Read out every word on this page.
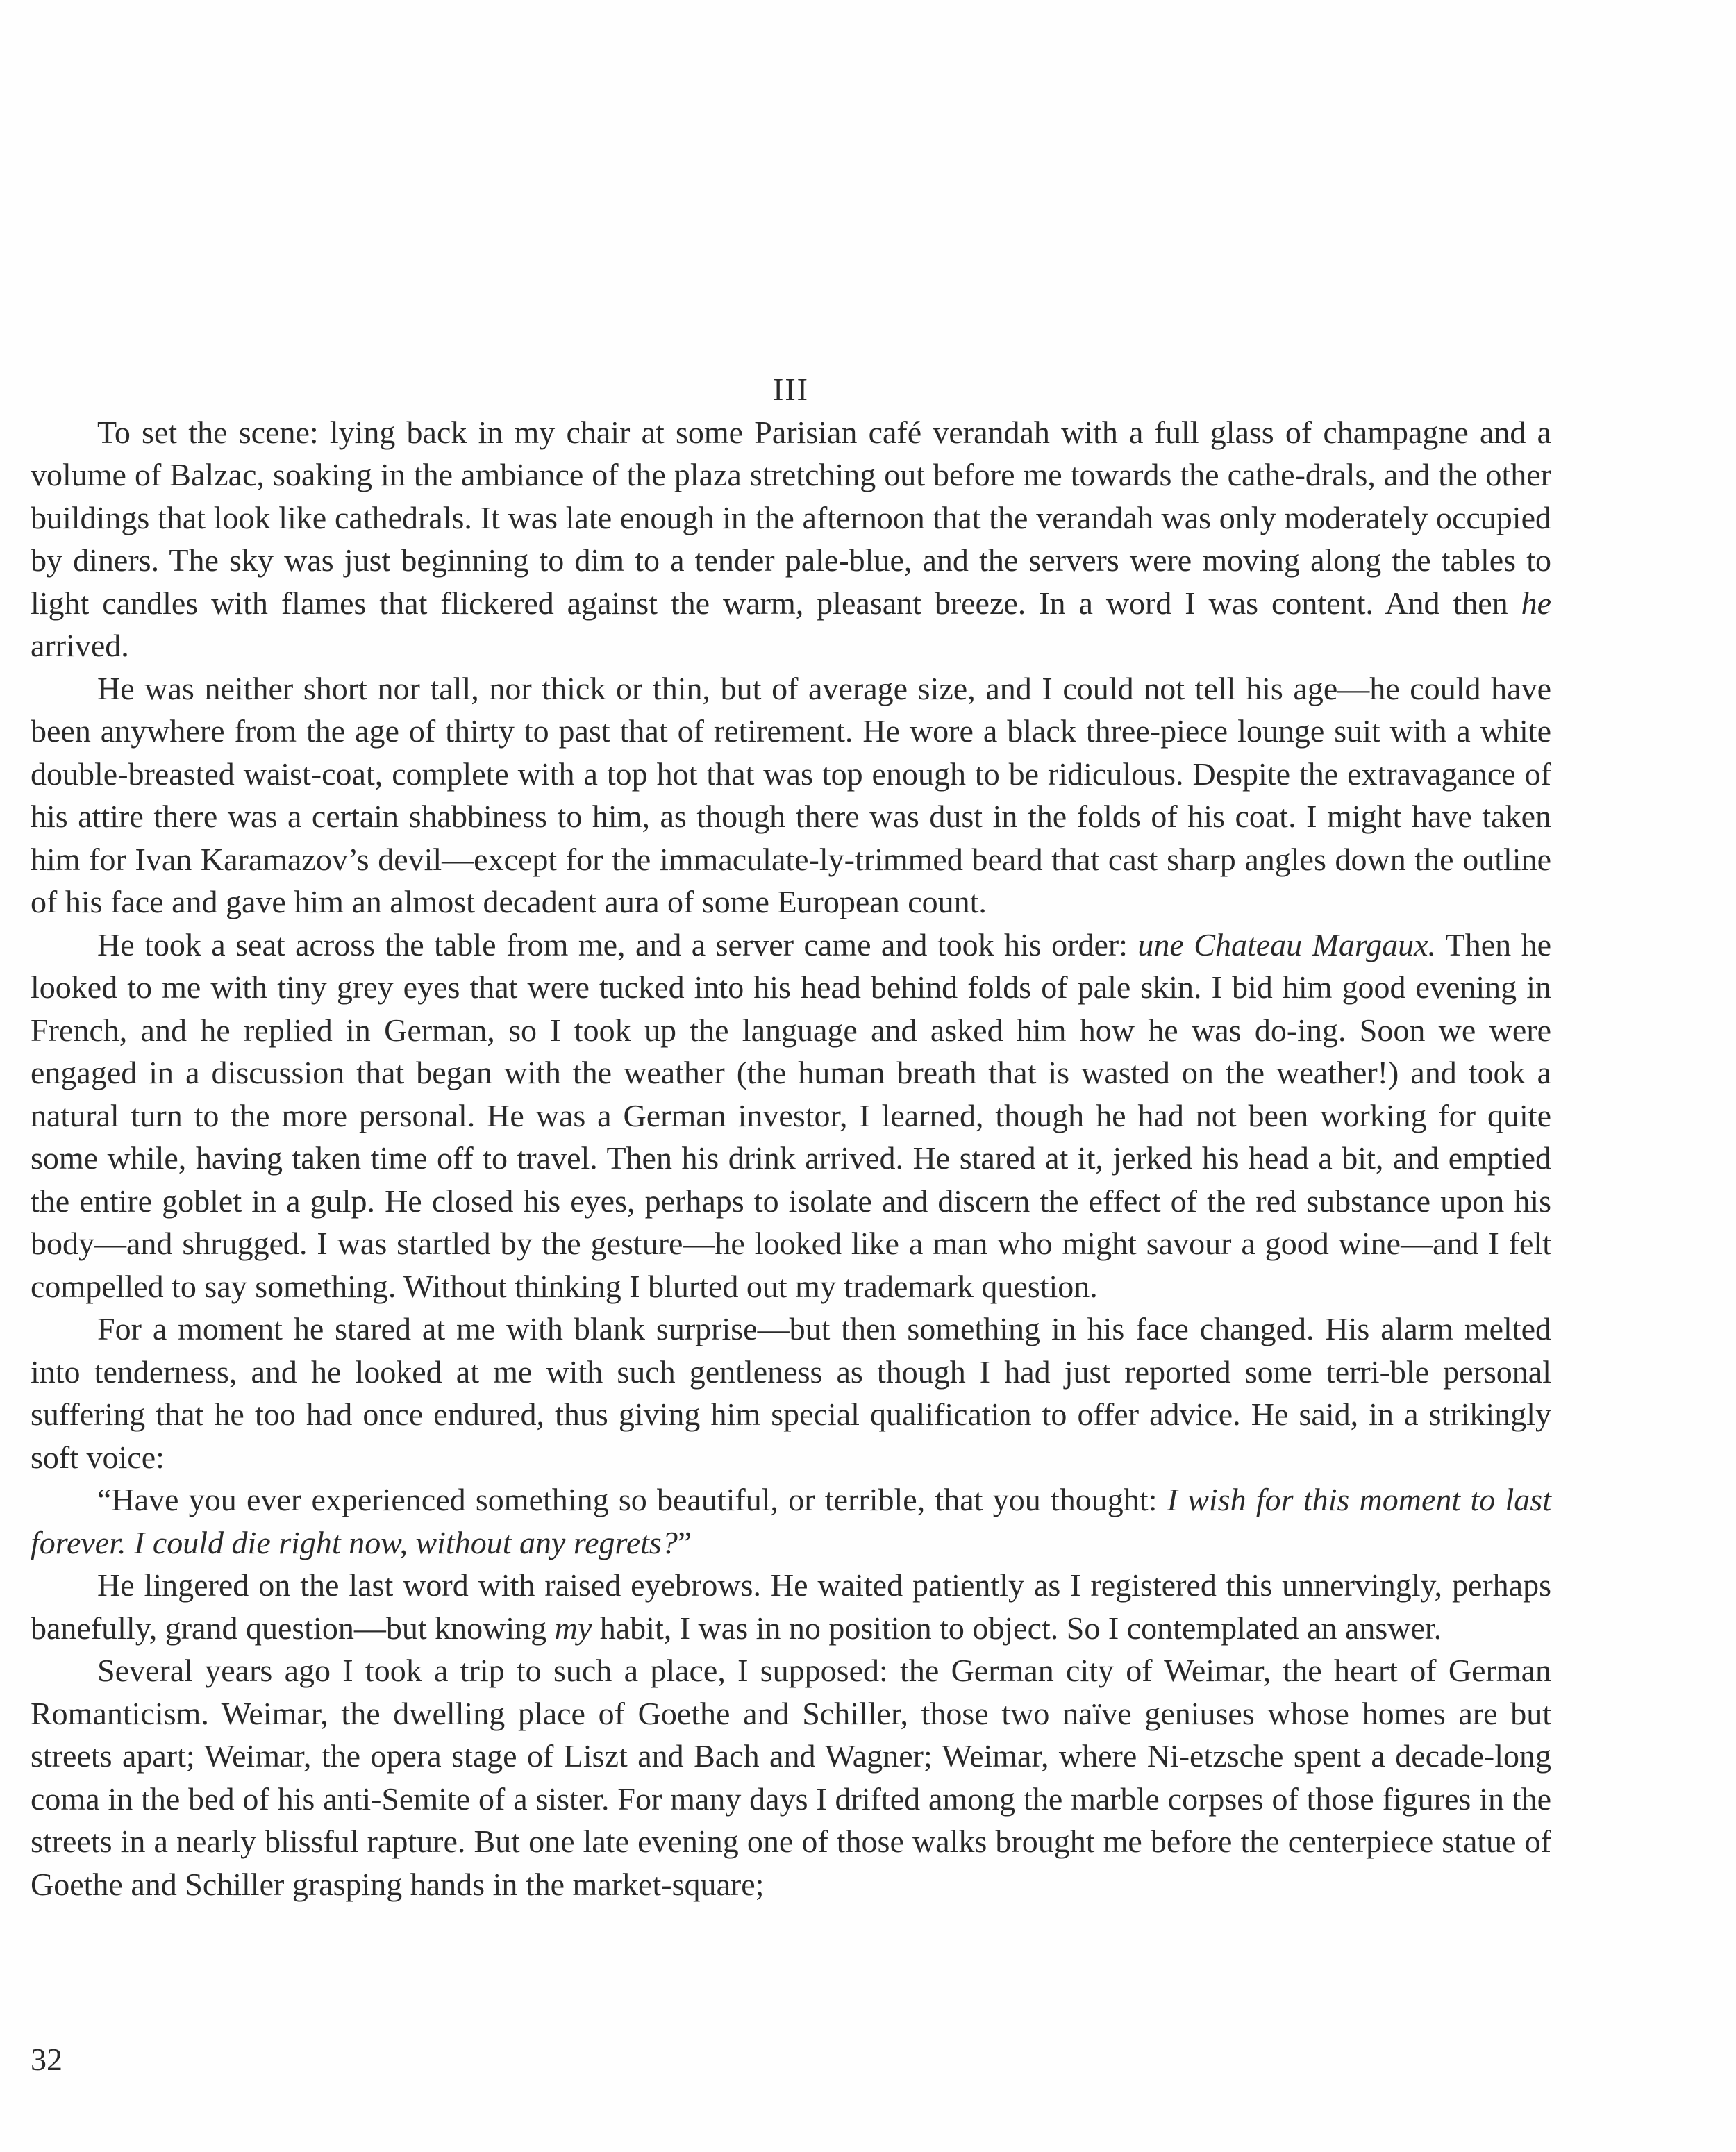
III

To set the scene: lying back in my chair at some Parisian café verandah with a full glass of champagne and a volume of Balzac, soaking in the ambiance of the plaza stretching out before me towards the cathe-drals, and the other buildings that look like cathedrals. It was late enough in the afternoon that the verandah was only moderately occupied by diners. The sky was just beginning to dim to a tender pale-blue, and the servers were moving along the tables to light candles with flames that flickered against the warm, pleasant breeze. In a word I was content. And then he arrived.

He was neither short nor tall, nor thick or thin, but of average size, and I could not tell his age—he could have been anywhere from the age of thirty to past that of retirement. He wore a black three-piece lounge suit with a white double-breasted waist-coat, complete with a top hot that was top enough to be ridiculous. Despite the extravagance of his attire there was a certain shabbiness to him, as though there was dust in the folds of his coat. I might have taken him for Ivan Karamazov’s devil—except for the immaculate-ly-trimmed beard that cast sharp angles down the outline of his face and gave him an almost decadent aura of some European count.

He took a seat across the table from me, and a server came and took his order: une Chateau Margaux. Then he looked to me with tiny grey eyes that were tucked into his head behind folds of pale skin. I bid him good evening in French, and he replied in German, so I took up the language and asked him how he was do-ing. Soon we were engaged in a discussion that began with the weather (the human breath that is wasted on the weather!) and took a natural turn to the more personal. He was a German investor, I learned, though he had not been working for quite some while, having taken time off to travel. Then his drink arrived. He stared at it, jerked his head a bit, and emptied the entire goblet in a gulp. He closed his eyes, perhaps to isolate and discern the effect of the red substance upon his body—and shrugged. I was startled by the gesture—he looked like a man who might savour a good wine—and I felt compelled to say something. Without thinking I blurted out my trademark question.

For a moment he stared at me with blank surprise—but then something in his face changed. His alarm melted into tenderness, and he looked at me with such gentleness as though I had just reported some terri-ble personal suffering that he too had once endured, thus giving him special qualification to offer advice. He said, in a strikingly soft voice:

“Have you ever experienced something so beautiful, or terrible, that you thought: I wish for this moment to last forever. I could die right now, without any regrets?”

He lingered on the last word with raised eyebrows. He waited patiently as I registered this unnervingly, perhaps banefully, grand question—but knowing my habit, I was in no position to object. So I contemplated an answer.

Several years ago I took a trip to such a place, I supposed: the German city of Weimar, the heart of German Romanticism. Weimar, the dwelling place of Goethe and Schiller, those two naïve geniuses whose homes are but streets apart; Weimar, the opera stage of Liszt and Bach and Wagner; Weimar, where Ni-etzsche spent a decade-long coma in the bed of his anti-Semite of a sister. For many days I drifted among the marble corpses of those figures in the streets in a nearly blissful rapture. But one late evening one of those walks brought me before the centerpiece statue of Goethe and Schiller grasping hands in the market-square;

32
